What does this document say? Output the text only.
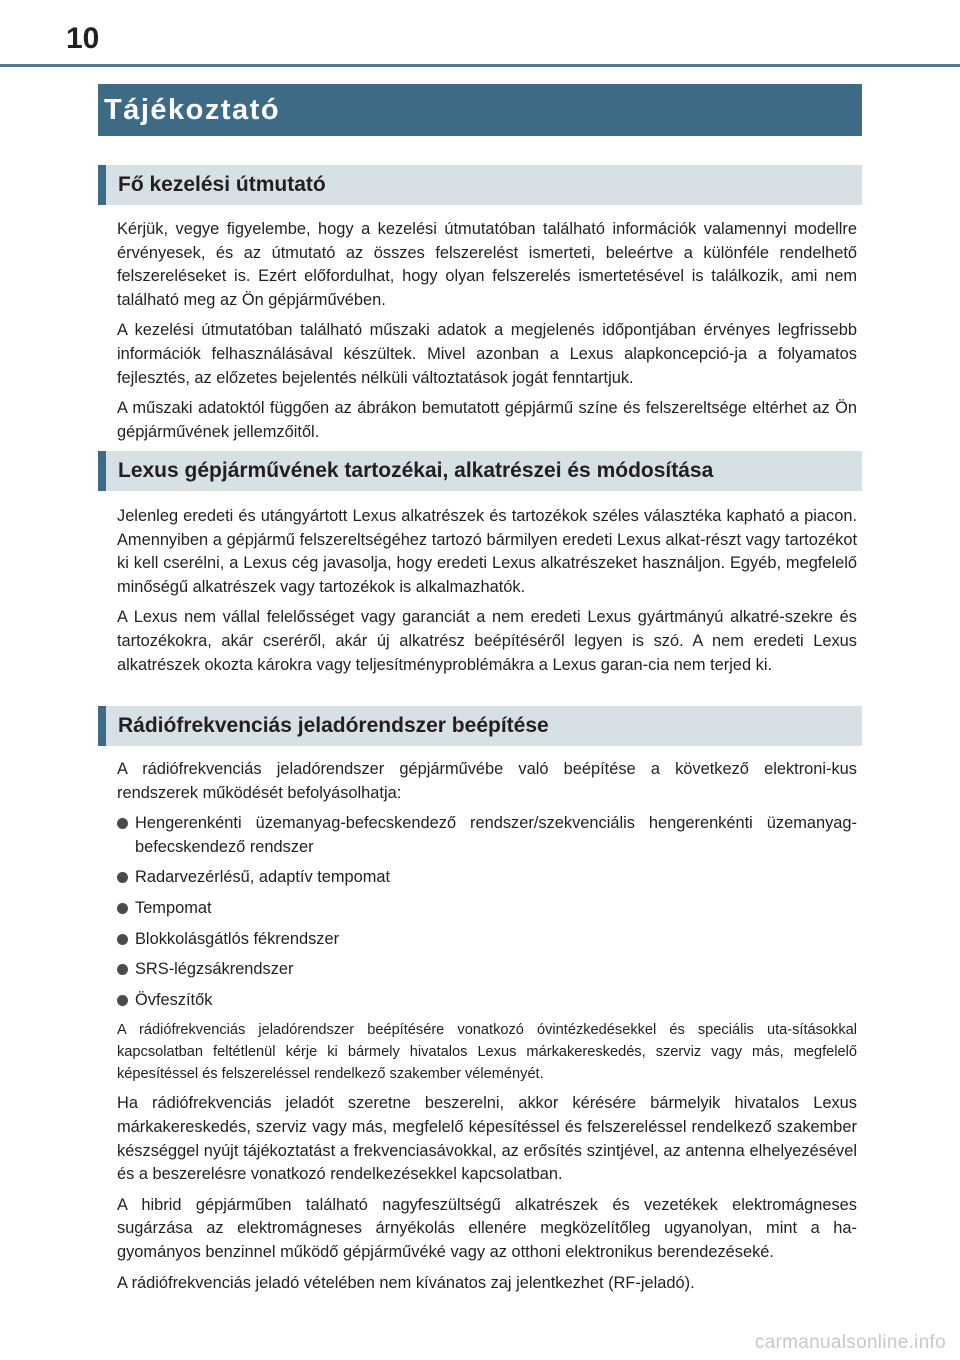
10
Tájékoztató
Fő kezelési útmutató

Kérjük, vegye figyelembe, hogy a kezelési útmutatóban található információk valamennyi modellre érvényesek, és az útmutató az összes felszerelést ismerteti, beleértve a különféle rendelhető felszereléseket is. Ezért előfordulhat, hogy olyan felszerelés ismertetésével is találkozik, ami nem található meg az Ön gépjárművében.

A kezelési útmutatóban található műszaki adatok a megjelenés időpontjában érvényes legfrissebb információk felhasználásával készültek. Mivel azonban a Lexus alapkoncepció-ja a folyamatos fejlesztés, az előzetes bejelentés nélküli változtatások jogát fenntartjuk.

A műszaki adatoktól függően az ábrákon bemutatott gépjármű színe és felszereltsége eltérhet az Ön gépjárművének jellemzőitől.

Lexus gépjárművének tartozékai, alkatrészei és módosítása

Jelenleg eredeti és utángyártott Lexus alkatrészek és tartozékok széles választéka kapható a piacon. Amennyiben a gépjármű felszereltségéhez tartozó bármilyen eredeti Lexus alkat-részt vagy tartozékot ki kell cserélni, a Lexus cég javasolja, hogy eredeti Lexus alkatrészeket használjon. Egyéb, megfelelő minőségű alkatrészek vagy tartozékok is alkalmazhatók.

A Lexus nem vállal felelősséget vagy garanciát a nem eredeti Lexus gyártmányú alkatré-szekre és tartozékokra, akár cseréről, akár új alkatrész beépítéséről legyen is szó. A nem eredeti Lexus alkatrészek okozta károkra vagy teljesítményproblémákra a Lexus garan-cia nem terjed ki.

Rádiófrekvenciás jeladórendszer beépítése

A rádiófrekvenciás jeladórendszer gépjárművébe való beépítése a következő elektroni-kus rendszerek működését befolyásolhatja:

Hengerenkénti üzemanyag-befecskendező rendszer/szekvenciális hengerenkénti üzemanyag-befecskendező rendszer
Radarvezérlésű, adaptív tempomat
Tempomat
Blokkolásgátlós fékrendszer
SRS-légzsákrendszer
Övfeszítők

A rádiófrekvenciás jeladórendszer beépítésére vonatkozó óvintézkedésekkel és speciális uta-sításokkal kapcsolatban feltétlenül kérje ki bármely hivatalos Lexus márkakereskedés, szerviz vagy más, megfelelő képesítéssel és felszereléssel rendelkező szakember véleményét.

Ha rádiófrekvenciás jeladót szeretne beszerelni, akkor kérésére bármelyik hivatalos Lexus márkakereskedés, szerviz vagy más, megfelelő képesítéssel és felszereléssel rendelkező szakember készséggel nyújt tájékoztatást a frekvenciasávokkal, az erősítés szintjével, az antenna elhelyezésével és a beszerelésre vonatkozó rendelkezésekkel kapcsolatban.

A hibrid gépjárműben található nagyfeszültségű alkatrészek és vezetékek elektromágneses sugárzása az elektromágneses árnyékolás ellenére megközelítőleg ugyanolyan, mint a ha-gyományos benzinnel működő gépjárművéké vagy az otthoni elektronikus berendezéseké.

A rádiófrekvenciás jeladó vételében nem kívánatos zaj jelentkezhet (RF-jeladó).

carmanualsonline.info
